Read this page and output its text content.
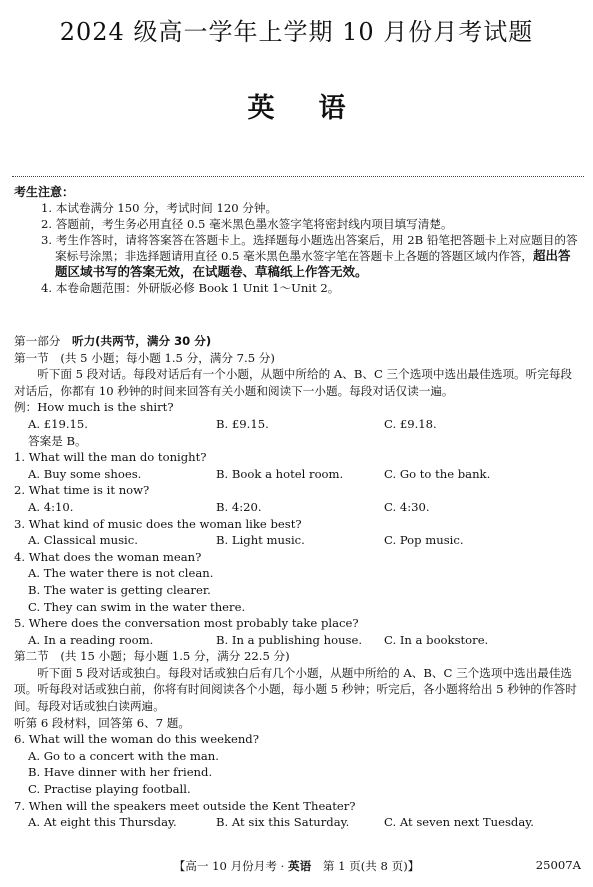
2024 级高一学年上学期 10 月份月考试题
英语
考生注意：
1. 本试卷满分 150 分，考试时间 120 分钟。
2. 答题前，考生务必用直径 0.5 毫米黑色墨水签字笔将密封线内项目填写清楚。
3. 考生作答时，请将答案答在答题卡上。选择题每小题选出答案后，用 2B 铅笔把答题卡上对应题目的答案标号涂黑；非选择题请用直径 0.5 毫米黑色墨水签字笔在答题卡上各题的答题区域内作答，超出答题区域书写的答案无效，在试题卷、草稿纸上作答无效。
4. 本卷命题范围：外研版必修 Book 1 Unit 1～Unit 2。
第一部分　听力(共两节，满分 30 分)
第一节　(共 5 小题；每小题 1.5 分，满分 7.5 分)
听下面 5 段对话。每段对话后有一个小题，从题中所给的 A、B、C 三个选项中选出最佳选项。听完每段对话后，你都有 10 秒钟的时间来回答有关小题和阅读下一小题。每段对话仅读一遍。
例：How much is the shirt?
A. £19.15.	B. £9.15.	C. £9.18.
答案是 B。
1. What will the man do tonight?
A. Buy some shoes.	B. Book a hotel room.	C. Go to the bank.
2. What time is it now?
A. 4:10.	B. 4:20.	C. 4:30.
3. What kind of music does the woman like best?
A. Classical music.	B. Light music.	C. Pop music.
4. What does the woman mean?
A. The water there is not clean.
B. The water is getting clearer.
C. They can swim in the water there.
5. Where does the conversation most probably take place?
A. In a reading room.	B. In a publishing house.	C. In a bookstore.
第二节　(共 15 小题；每小题 1.5 分，满分 22.5 分)
听下面 5 段对话或独白。每段对话或独白后有几个小题，从题中所给的 A、B、C 三个选项中选出最佳选项。听每段对话或独白前，你将有时间阅读各个小题，每小题 5 秒钟；听完后，各小题将给出 5 秒钟的作答时间。每段对话或独白读两遍。
听第 6 段材料，回答第 6、7 题。
6. What will the woman do this weekend?
A. Go to a concert with the man.
B. Have dinner with her friend.
C. Practise playing football.
7. When will the speakers meet outside the Kent Theater?
A. At eight this Thursday.	B. At six this Saturday.	C. At seven next Tuesday.
【高一 10 月份月考 · 英语　第 1 页(共 8 页)】	25007A
